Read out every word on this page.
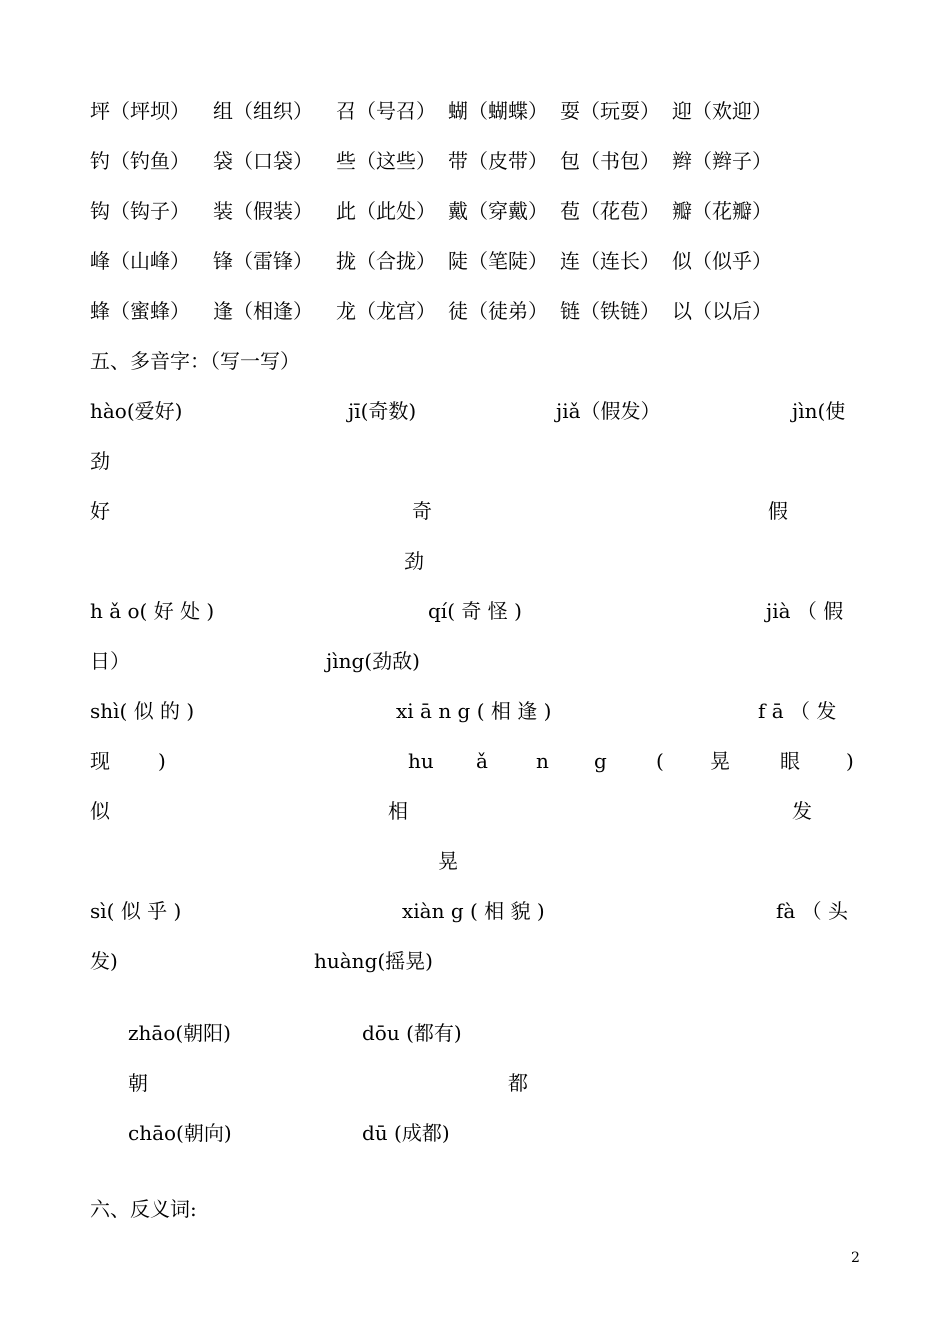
坪（坪坝） 组（组织） 召（号召） 蝴（蝴蝶） 耍（玩耍） 迎（欢迎）
钓（钓鱼） 袋（口袋） 些（这些） 带（皮带） 包（书包） 辫（辫子）
钩（钩子） 装（假装） 此（此处） 戴（穿戴） 苞（花苞） 瓣（花瓣）
峰（山峰） 锋（雷锋） 拢（合拢） 陡（笔陡） 连（连长） 似（似乎）
蜂（蜜蜂） 逢（相逢） 龙（龙宫） 徒（徒弟） 链（铁链） 以（以后）
五、多音字：（写一写）
hào(爱好)	jī(奇数)	jiǎ（假发）	jìn(使
劲
好	奇	假
劲
h ǎ o( 好 处 )	qí( 奇 怪 )	jià （ 假
日）	jìng(劲敌)
shì( 似 的 )	xi ā n g ( 相 逢 )	f ā （ 发
现 )	hu ǎ n g ( 晃	眼 )
似	相	发
晃
sì( 似 乎 )	xiàn g ( 相 貌 )	fà （ 头
发)	huàng(摇晃)
zhāo(朝阳)	dōu (都有)
朝	都
chāo(朝向)	dū (成都)
六、反义词:
2
